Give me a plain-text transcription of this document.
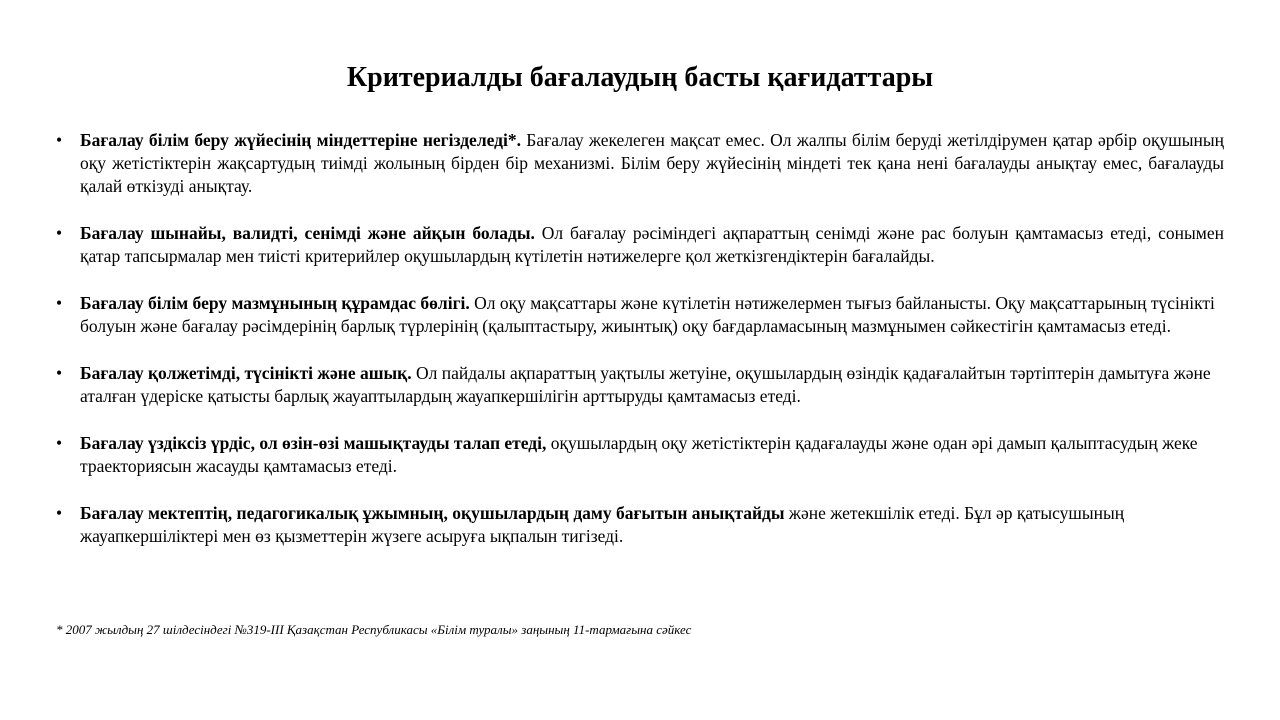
Критериалды бағалаудың басты қағидаттары
•	Бағалау білім беру жүйесінің міндеттеріне негізделеді*. Бағалау жекелеген мақсат емес. Ол жалпы білім беруді жетілдірумен қатар әрбір оқушының оқу жетістіктерін жақсартудың тиімді жолының бірден бір механизмі. Білім беру жүйесінің міндеті тек қана нені бағалауды анықтау емес, бағалауды қалай өткізуді анықтау.
•	Бағалау шынайы, валидті, сенімді және айқын болады. Ол бағалау рәсіміндегі ақпараттың сенімді және рас болуын қамтамасыз етеді, сонымен қатар тапсырмалар мен тиісті критерийлер оқушылардың күтілетін нәтижелерге қол жеткізгендіктерін бағалайды.
•	Бағалау білім беру мазмұнының құрамдас бөлігі. Ол оқу мақсаттары және күтілетін нәтижелермен тығыз байланысты. Оқу мақсаттарының түсінікті болуын және бағалау рәсімдерінің барлық түрлерінің (қалыптастыру, жиынтық) оқу бағдарламасының мазмұнымен сәйкестігін қамтамасыз етеді.
•	Бағалау қолжетімді, түсінікті және ашық. Ол пайдалы ақпараттың уақтылы жетуіне, оқушылардың өзіндік қадағалайтын тәртіптерін дамытуға және аталған үдеріске қатысты барлық жауаптылардың жауапкершілігін арттыруды қамтамасыз етеді.
•	Бағалау үздіксіз үрдіс, ол өзін-өзі машықтауды талап етеді, оқушылардың оқу жетістіктерін қадағалауды және одан әрі дамып қалыптасудың жеке траекториясын жасауды қамтамасыз етеді.
•	Бағалау мектептің, педагогикалық ұжымның, оқушылардың даму бағытын анықтайды және жетекшілік етеді. Бұл әр қатысушының жауапкершіліктері мен өз қызметтерін жүзеге асыруға ықпалын тигізеді.

* 2007 жылдың 27 шілдесіндегі №319-ІІІ Қазақстан Республикасы «Білім туралы» заңының 11-тармағына сәйкес
